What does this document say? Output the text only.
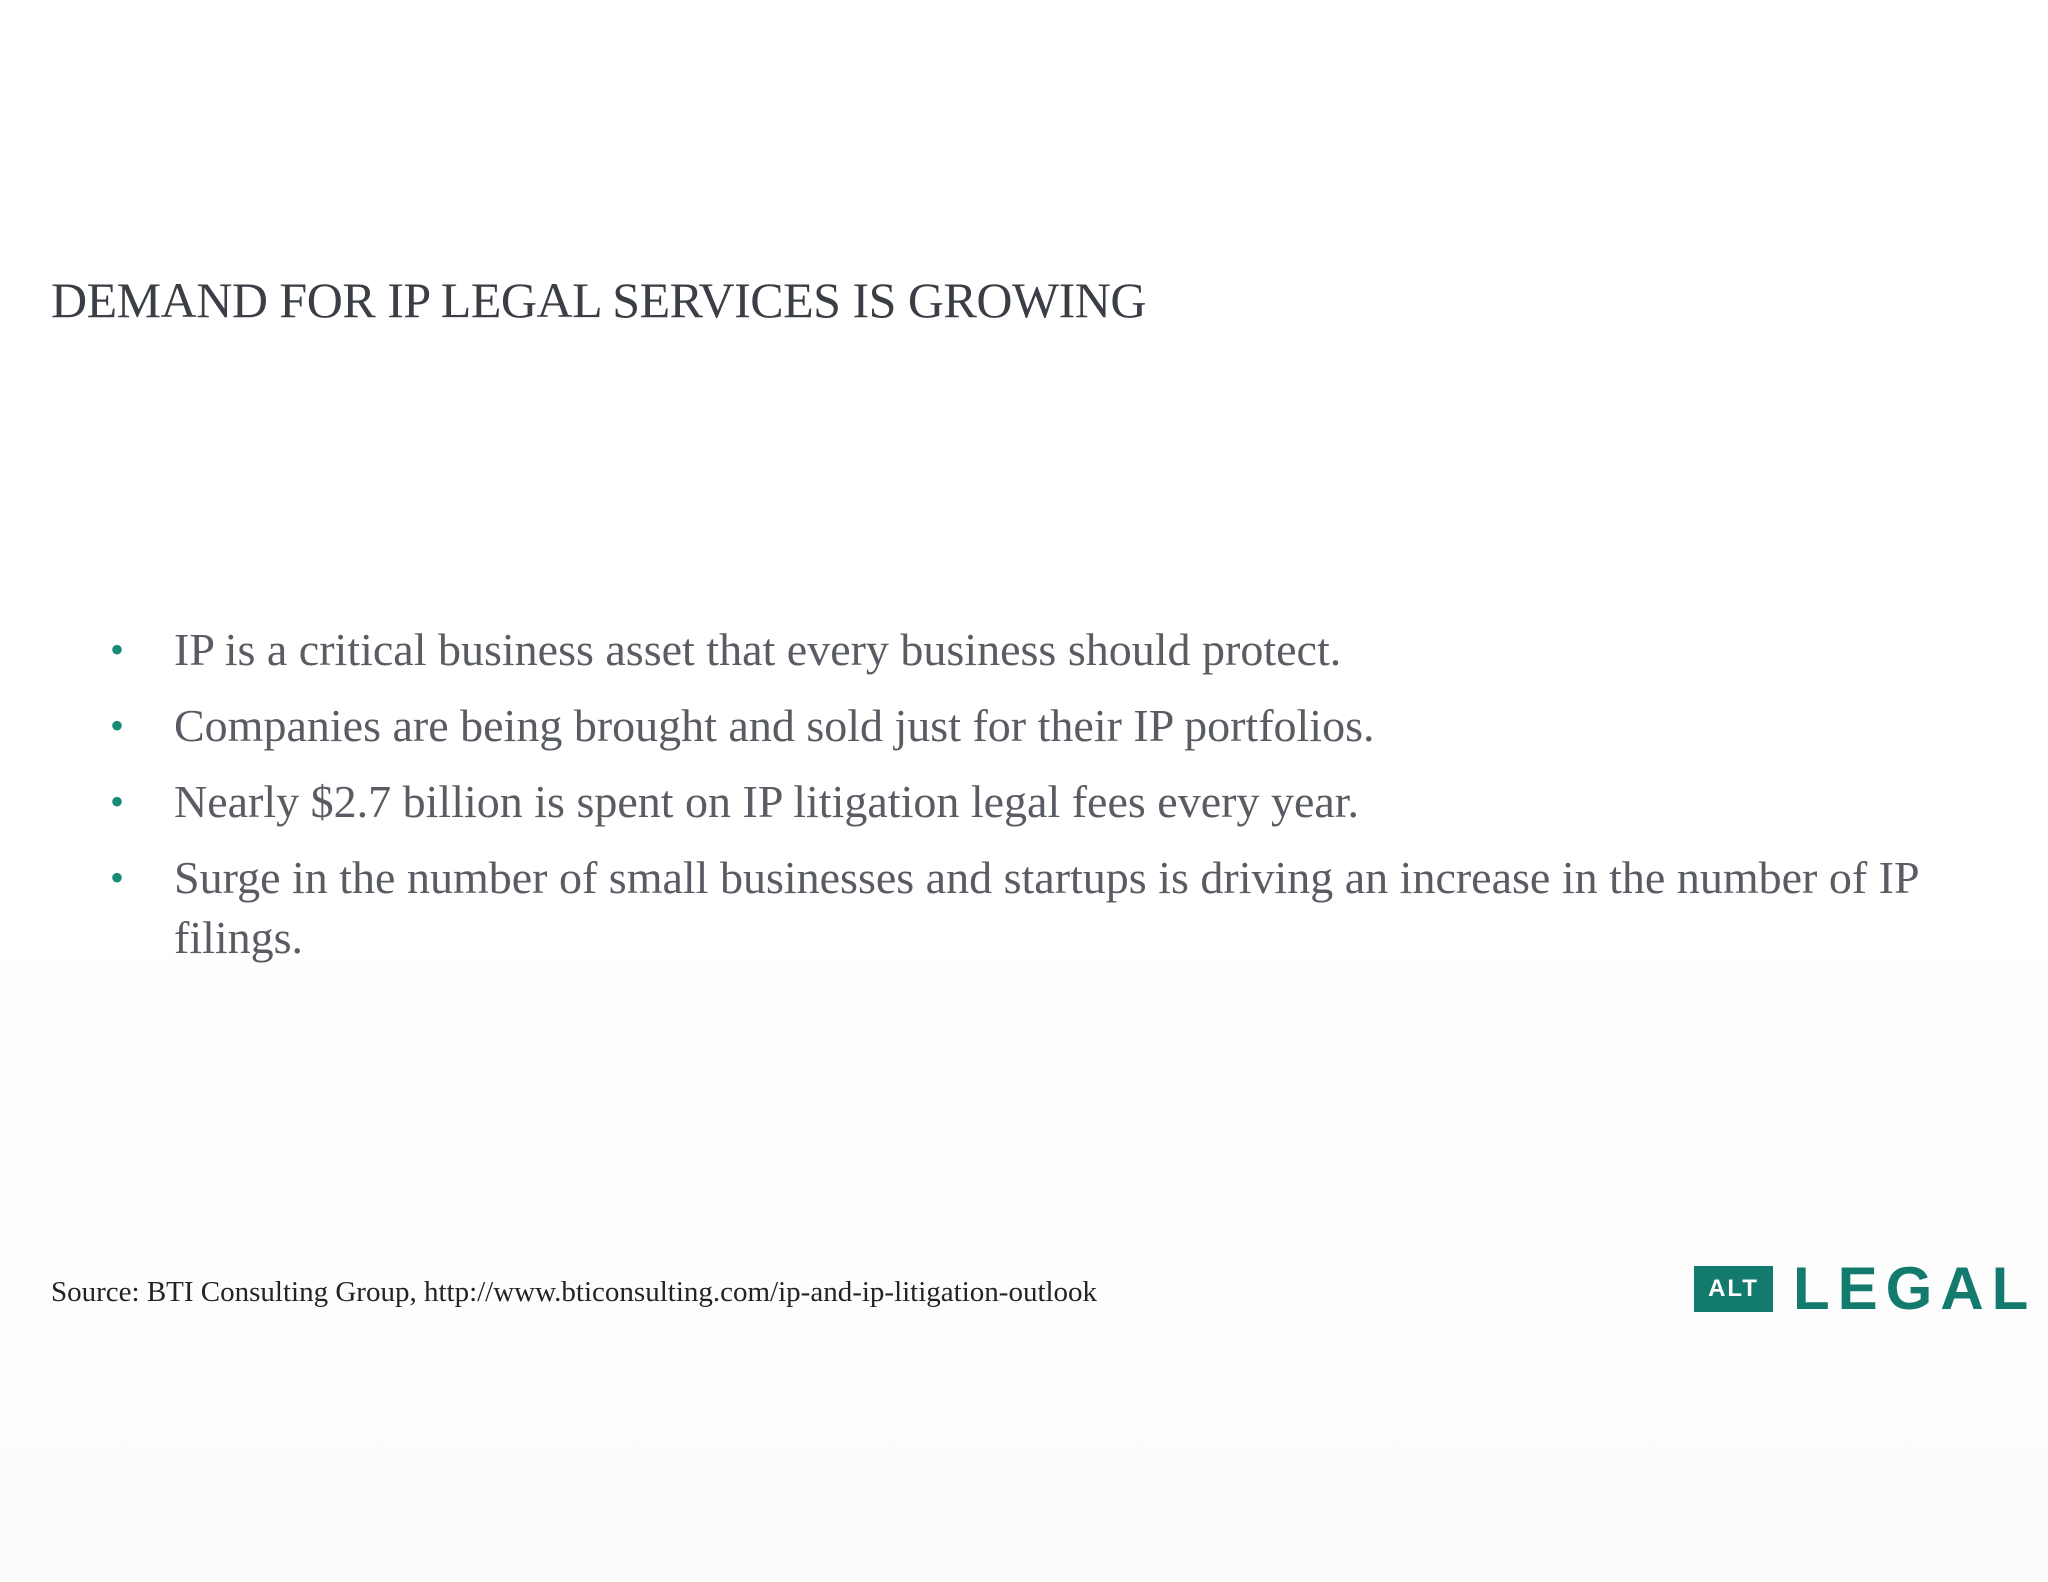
DEMAND FOR IP LEGAL SERVICES IS GROWING
• IP is a critical business asset that every business should protect.
• Companies are being brought and sold just for their IP portfolios.
• Nearly $2.7 billion is spent on IP litigation legal fees every year.
• Surge in the number of small businesses and startups is driving an increase in the number of IP filings.
Source: BTI Consulting Group, http://www.bticonsulting.com/ip-and-ip-litigation-outlook	ALT LEGAL
